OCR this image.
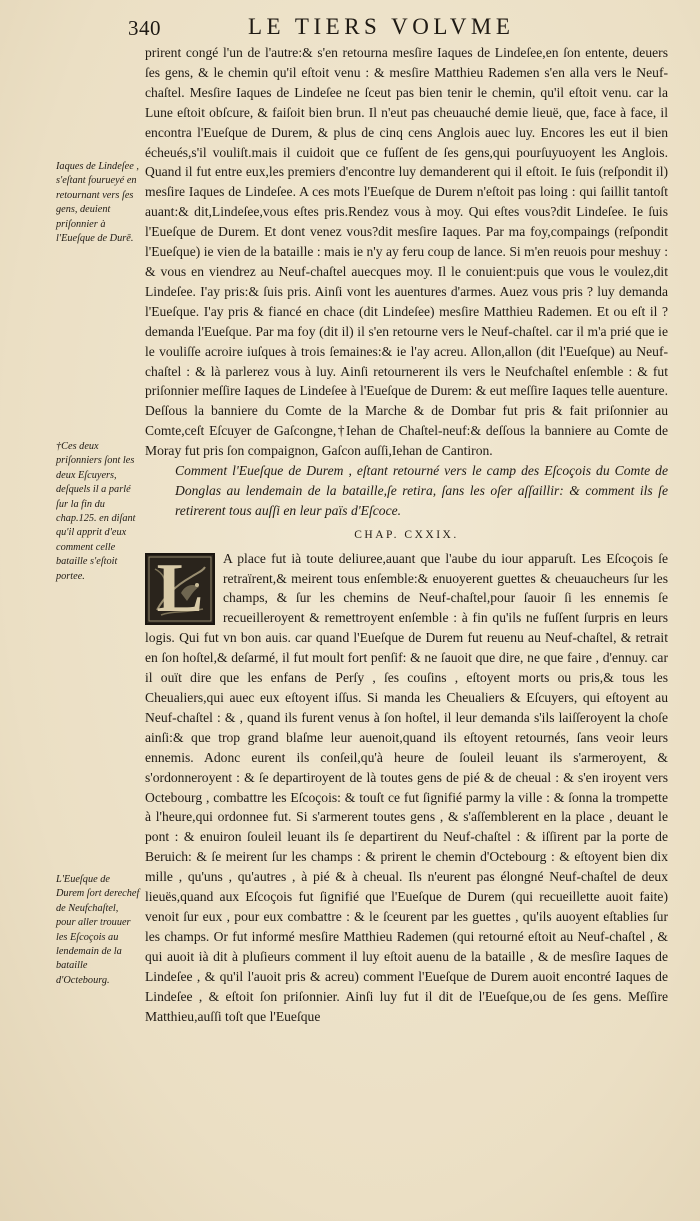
340	LE TIERS VOLVME

prirent congé l'un de l'autre:& s'en retourna mesſire Iaques de Lindeſee,en ſon entente, deuers ſes gens, & le chemin qu'il eſtoit venu : & mesſire Matthieu Rademen s'en alla vers le Neuf-chaſtel. Mesſire Iaques de Lindeſee ne ſceut pas bien tenir le chemin, qu'il eſtoit venu. car la Lune eſtoit obſcure, & faiſoit bien brun. Il n'eut pas cheuauché demie lieuë, que, face à face, il encontra l'Eueſque de Durem, & plus de cinq cens Anglois auec luy. Encores les eut il bien écheués,s'il vouliſt.mais il cuidoit que ce fuſſent de ſes gens,qui pourſuyuoyent les Anglois. Quand il fut entre eux,les premiers d'encontre luy demanderent qui il eſtoit. Ie ſuis (reſpondit il) mesſire Iaques de Lindeſee. A ces mots l'Eueſque de Durem n'eſtoit pas loing : qui ſaillit tantoſt auant:& dit,Lindeſee,vous eſtes pris.Rendez vous à moy. Qui eſtes vous?dit Lindeſee. Ie ſuis l'Eueſque de Durem. Et dont venez vous?dit mesſire Iaques. Par ma foy,compaings (reſpondit l'Eueſque) ie vien de la bataille : mais ie n'y ay feru coup de lance. Si m'en reuois pour meshuy : & vous en viendrez au Neuf-chaſtel auecques moy. Il le conuient:puis que vous le voulez,dit Lindeſee. I'ay pris:& ſuis pris. Ainſi vont les auentures d'armes. Auez vous pris ? luy demanda l'Eueſque. I'ay pris & fiancé en chace (dit Lindeſee) mesſire Matthieu Rademen. Et ou eſt il ? demanda l'Eueſque. Par ma foy (dit il) il s'en retourne vers le Neuf-chaſtel. car il m'a prié que ie le vouliſſe acroire iuſques à trois ſemaines:& ie l'ay acreu. Allon,allon (dit l'Eueſque) au Neuf-chaſtel : & là parlerez vous à luy. Ainſi retournerent ils vers le Neufchaſtel enſemble : & fut priſonnier meſſire Iaques de Lindeſee à l'Eueſque de Durem: & eut meſſire Iaques telle auenture. Deſſous la banniere du Comte de la Marche & de Dombar fut pris & fait priſonnier au Comte,ceſt Eſcuyer de Gaſcongne,†Iehan de Chaſtel-neuf:& deſſous la banniere au Comte de Moray fut pris ſon compaignon, Gaſcon auſſi,Iehan de Cantiron.

Comment l'Eueſque de Durem , eſtant retourné vers le camp des Eſcoçois du Comte de Donglas au lendemain de la bataille,ſe retira, ſans les oſer aſſaillir: & comment ils ſe retirerent tous auſſi en leur païs d'Eſcoce.

CHAP. CXXIX.

L	A place fut ià toute deliuree,auant que l'aube du iour apparuſt. Les Eſcoçois ſe retraïrent,& meirent tous enſemble:& enuoyerent guettes & cheuaucheurs ſur les champs, & ſur les chemins de Neuf-chaſtel,pour ſauoir ſi les ennemis ſe recueilleroyent & remettroyent enſemble : à fin qu'ils ne fuſſent ſurpris en leurs logis. Qui fut vn bon auis. car quand l'Eueſque de Durem fut reuenu au Neuf-chaſtel, & retrait en ſon hoſtel,& deſarmé, il fut moult fort penſif: & ne ſauoit que dire, ne que faire , d'ennuy. car il ouït dire que les enfans de Perſy , ſes couſins , eſtoyent morts ou pris,& tous les Cheualiers,qui auec eux eſtoyent iſſus. Si manda les Cheualiers & Eſcuyers, qui eſtoyent au Neuf-chaſtel : & , quand ils furent venus à ſon hoſtel, il leur demanda s'ils laiſſeroyent la choſe ainſi:& que trop grand blaſme leur auenoit,quand ils eſtoyent retournés, ſans veoir leurs ennemis. Adonc eurent ils conſeil,qu'à heure de ſouleil leuant ils s'armeroyent, & s'ordonneroyent : & ſe departiroyent de là toutes gens de pié & de cheual : & s'en iroyent vers Octebourg , combattre les Eſcoçois: & touſt ce fut ſignifié parmy la ville : & ſonna la trompette à l'heure,qui ordonnee fut. Si s'armerent toutes gens , & s'aſſemblerent en la place , deuant le pont : & enuiron ſouleil leuant ils ſe departirent du Neuf-chaſtel : & iſſirent par la porte de Beruich: & ſe meirent ſur les champs : & prirent le chemin d'Octebourg : & eſtoyent bien dix mille , qu'uns , qu'autres , à pié & à cheual. Ils n'eurent pas élongné Neuf-chaſtel de deux lieuës,quand aux Eſcoçois fut ſignifié que l'Eueſque de Durem (qui recueillette auoit faite) venoit ſur eux , pour eux combattre : & le ſceurent par les guettes , qu'ils auoyent eſtablies ſur les champs. Or fut informé mesſire Matthieu Rademen (qui retourné eſtoit au Neuf-chaſtel , & qui auoit ià dit à pluſieurs comment il luy eſtoit auenu de la bataille , & de mesſire Iaques de Lindeſee , & qu'il l'auoit pris & acreu) comment l'Eueſque de Durem auoit encontré Iaques de Lindeſee , & eſtoit ſon priſonnier. Ainſi luy fut il dit de l'Eueſque,ou de ſes gens. Meſſire Matthieu,auſſi toſt que l'Eueſque

Iaques de Lindeſee , s'eſtant fourueyé en retournant vers ſes gens, deuient priſonnier à l'Eueſque de Durē.
†Ces deux priſonniers ſont les deux Eſcuyers, deſquels il a parlé ſur la fin du chap.125. en diſant qu'il apprit d'eux comment celle bataille s'eſtoit portee.
L'Eueſque de Durem ſort derechef de Neufchaſtel, pour aller trouuer les Eſcoçois au lendemain de la bataille d'Octebourg.
